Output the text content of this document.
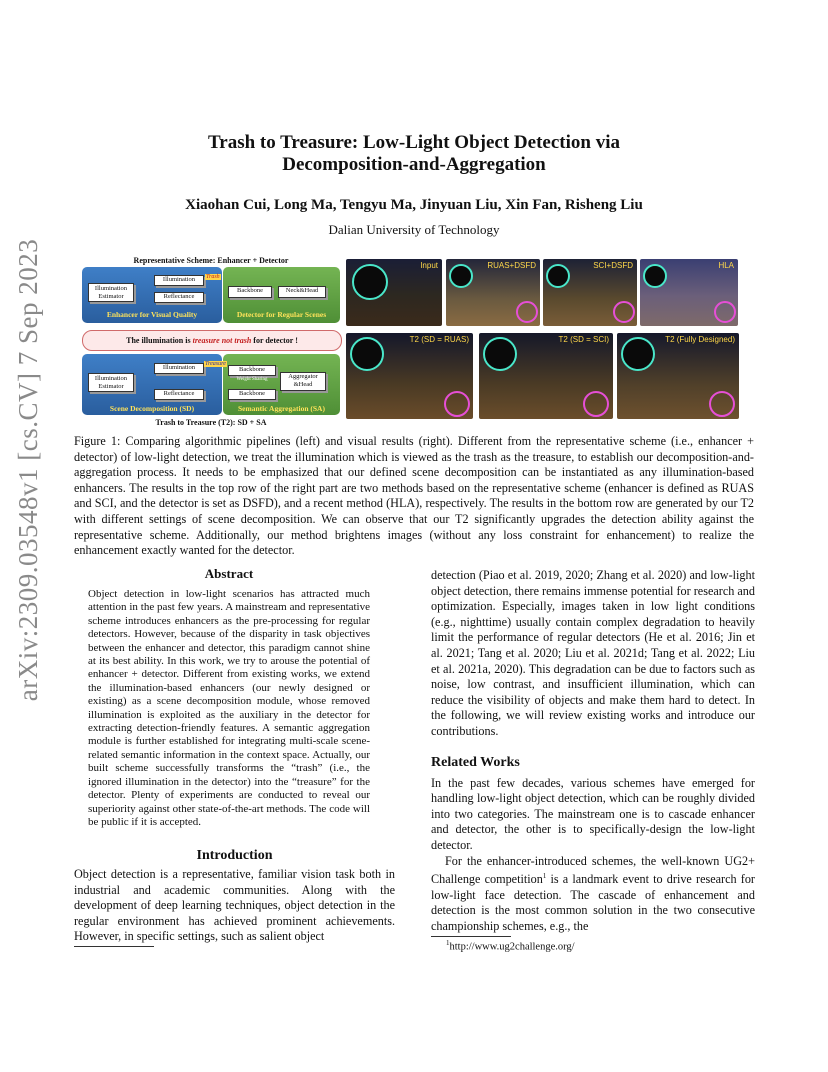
arXiv:2309.03548v1 [cs.CV] 7 Sep 2023
Trash to Treasure: Low-Light Object Detection via
Decomposition-and-Aggregation
Xiaohan Cui, Long Ma, Tengyu Ma, Jinyuan Liu, Xin Fan, Risheng Liu
Dalian University of Technology
Representative Scheme: Enhancer + Detector
Illumination Estimator
Illumination
Reflectance
Trash
Backbone	Neck&Head
Enhancer for Visual Quality	Detector for Regular Scenes
The illumination is treasure not trash for detector !
Illumination Estimator
Illumination
Reflectance
Treasure
Backbone
Weight Sharing
Backbone
Aggregator &Head
Scene Decomposition (SD)	Semantic Aggregation (SA)
Trash to Treasure (T2): SD + SA
Input	RUAS+DSFD	SCI+DSFD	HLA
T2 (SD = RUAS)	T2 (SD = SCI)	T2 (Fully Designed)
Figure 1: Comparing algorithmic pipelines (left) and visual results (right). Different from the representative scheme (i.e., enhancer + detector) of low-light detection, we treat the illumination which is viewed as the trash as the treasure, to establish our decomposition-and-aggregation process. It needs to be emphasized that our defined scene decomposition can be instantiated as any illumination-based enhancers. The results in the top row of the right part are two methods based on the representative scheme (enhancer is defined as RUAS and SCI, and the detector is set as DSFD), and a recent method (HLA), respectively. The results in the bottom row are generated by our T2 with different settings of scene decomposition. We can observe that our T2 significantly upgrades the detection ability against the representative scheme. Additionally, our method brightens images (without any loss constraint for enhancement) to realize the enhancement exactly wanted for the detector.
Abstract
Object detection in low-light scenarios has attracted much attention in the past few years. A mainstream and representative scheme introduces enhancers as the pre-processing for regular detectors. However, because of the disparity in task objectives between the enhancer and detector, this paradigm cannot shine at its best ability. In this work, we try to arouse the potential of enhancer + detector. Different from existing works, we extend the illumination-based enhancers (our newly designed or existing) as a scene decomposition module, whose removed illumination is exploited as the auxiliary in the detector for extracting detection-friendly features. A semantic aggregation module is further established for integrating multi-scale scene-related semantic information in the context space. Actually, our built scheme successfully transforms the “trash” (i.e., the ignored illumination in the detector) into the “treasure” for the detector. Plenty of experiments are conducted to reveal our superiority against other state-of-the-art methods. The code will be public if it is accepted.
Introduction
Object detection is a representative, familiar vision task both in industrial and academic communities. Along with the development of deep learning techniques, object detection in the regular environment has achieved prominent achievements. However, in specific settings, such as salient object
detection (Piao et al. 2019, 2020; Zhang et al. 2020) and low-light object detection, there remains immense potential for research and optimization. Especially, images taken in low light conditions (e.g., nighttime) usually contain complex degradation to heavily limit the performance of regular detectors (He et al. 2016; Jin et al. 2021; Tang et al. 2020; Liu et al. 2021d; Tang et al. 2022; Liu et al. 2021a, 2020). This degradation can be due to factors such as noise, low contrast, and insufficient illumination, which can reduce the visibility of objects and make them hard to detect. In the following, we will review existing works and introduce our contributions.
Related Works
In the past few decades, various schemes have emerged for handling low-light object detection, which can be roughly divided into two categories. The mainstream one is to cascade enhancer and detector, the other is to specifically-design the low-light detector.
For the enhancer-introduced schemes, the well-known UG2+ Challenge competition$^1$ is a landmark event to drive research for low-light face detection. The cascade of enhancement and detection is the most common solution in the two consecutive championship schemes, e.g., the
$^1$http://www.ug2challenge.org/
